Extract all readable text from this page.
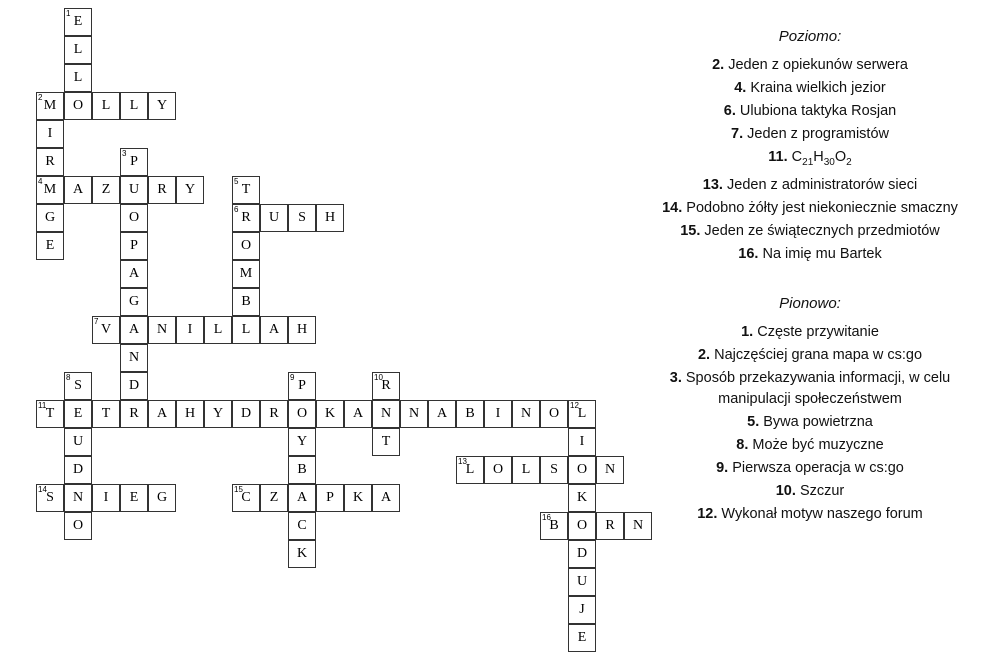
1
E
L
L
2
M	O	L	L	Y
I
R
3
P
4
M	A	Z	U	R	Y
5
T
G	O
6
R	U	S	H
E	P	O
A	M
G	B
7
V	A	N	I	L	L	A	H
N
D
8
S
9
P
10
R
11
T	E	T	R	A	H	Y	D	R	O	K	A	N	N	A	B	I	N	O
12
L
U	Y	T	I
D	B
13
L	O	L	S	O	N
14
S	N	I	E	G
15
C	Z	A	P	K	A	K
O	C
16
B	O	R	N
K	D
U
J
E
Poziomo:
2. Jeden z opiekunów serwera
4. Kraina wielkich jezior
6. Ulubiona taktyka Rosjan
7. Jeden z programistów
11. $C_{21}H_{30}O_2$
13. Jeden z administratorów sieci
14. Podobno żółty jest niekoniecznie smaczny
15. Jeden ze świątecznych przedmiotów
16. Na imię mu Bartek
Pionowo:
1. Częste przywitanie
2. Najczęściej grana mapa w cs:go
3. Sposób przekazywania informacji, w celu manipulacji społeczeństwem
5. Bywa powietrzna
8. Może być muzyczne
9. Pierwsza operacja w cs:go
10. Szczur
12. Wykonał motyw naszego forum
